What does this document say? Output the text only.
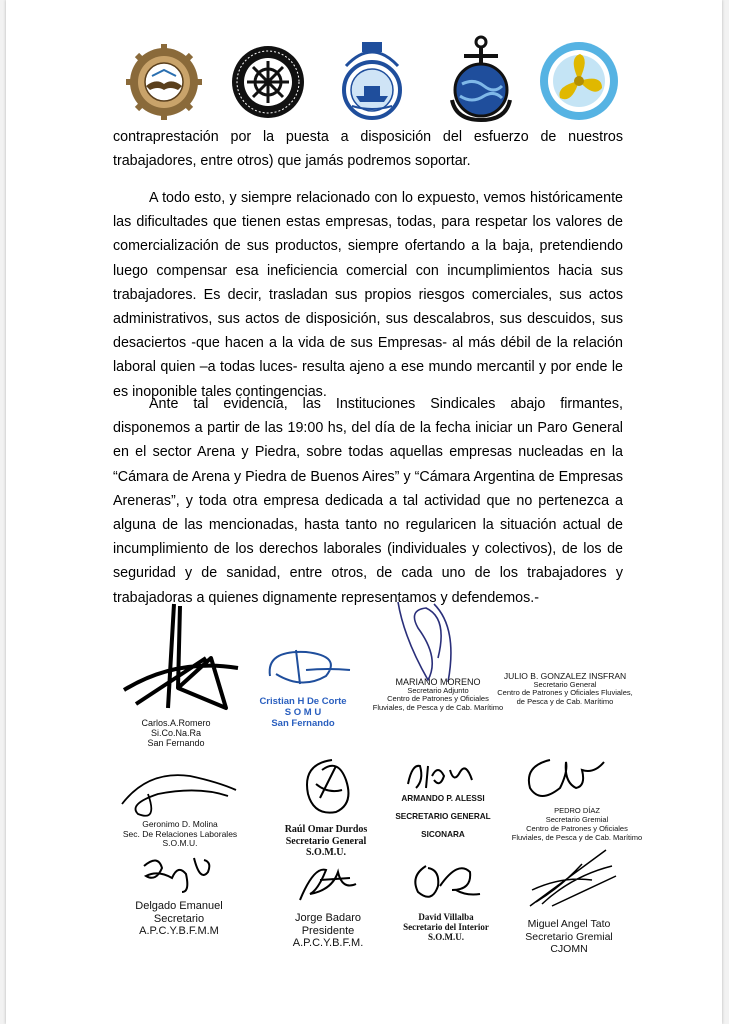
contraprestación por la puesta a disposición del esfuerzo de nuestros trabajadores, entre otros) que jamás podremos soportar.

A todo esto, y siempre relacionado con lo expuesto, vemos históricamente las dificultades que tienen estas empresas, todas, para respetar los valores de comercialización de sus productos, siempre ofertando a la baja, pretendiendo luego compensar esa ineficiencia comercial con incumplimientos hacia sus trabajadores. Es decir, trasladan sus propios riesgos comerciales, sus actos administrativos, sus actos de disposición, sus descalabros, sus descuidos, sus desaciertos -que hacen a la vida de sus Empresas- al más débil de la relación laboral quien –a todas luces- resulta ajeno a ese mundo mercantil y por ende le es inoponible tales contingencias.

Ante tal evidencia, las Instituciones Sindicales abajo firmantes, disponemos a partir de las 19:00 hs, del día de la fecha iniciar un Paro General en el sector Arena y Piedra, sobre todas aquellas empresas nucleadas en la “Cámara de Arena y Piedra de Buenos Aires” y “Cámara Argentina de Empresas Areneras”, y toda otra empresa dedicada a tal actividad que no pertenezca a alguna de las mencionadas, hasta tanto no regularicen la situación actual de incumplimiento de los derechos laborales (individuales y colectivos), de los de seguridad y de sanidad, entre otros, de cada uno de los trabajadores y trabajadoras a quienes dignamente representamos y defendemos.-

Carlos.A.Romero
Si.Co.Na.Ra
San Fernando
Cristian H De Corte
S O M U
San Fernando
MARIANO MORENO
Secretario Adjunto
Centro de Patrones y Oficiales
Fluviales, de Pesca y de Cab. Marítimo
JULIO B. GONZALEZ INSFRAN
Secretario General
Centro de Patrones y Oficiales Fluviales,
de Pesca y de Cab. Marítimo
Geronimo D. Molina
Sec. De Relaciones Laborales
S.O.M.U.
Raúl Omar Durdos
Secretario General
S.O.M.U.
ARMANDO P. ALESSI
SECRETARIO GENERAL
SICONARA
PEDRO DÍAZ
Secretario Gremial
Centro de Patrones y Oficiales
Fluviales, de Pesca y de Cab. Marítimo
Delgado Emanuel
Secretario
A.P.C.Y.B.F.M.M
Jorge Badaro
Presidente
A.P.C.Y.B.F.M.
David Villalba
Secretario del Interior
S.O.M.U.
Miguel Angel Tato
Secretario Gremial
CJOMN
